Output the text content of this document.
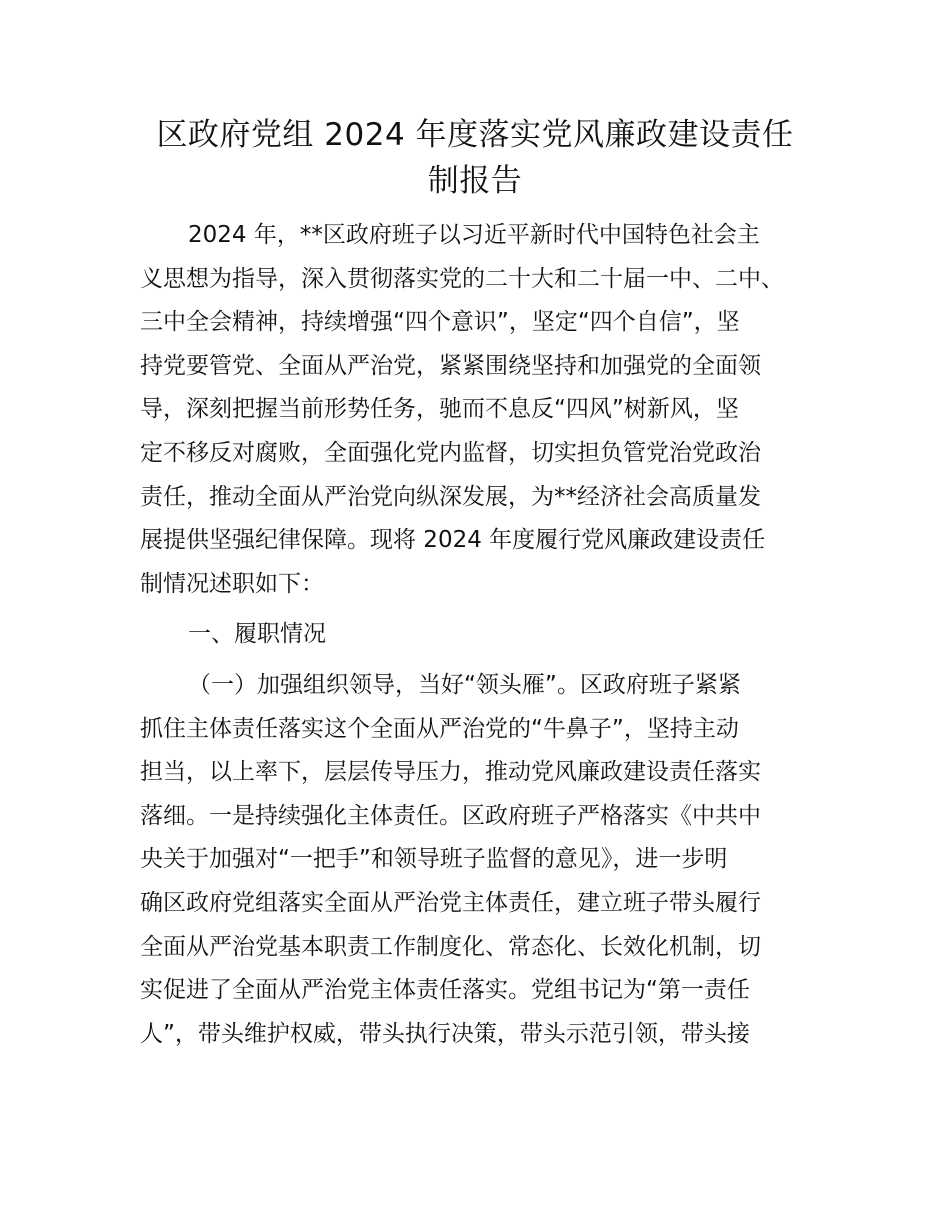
区政府党组 2024 年度落实党风廉政建设责任
制报告
2024 年，**区政府班子以习近平新时代中国特色社会主
义思想为指导，深入贯彻落实党的二十大和二十届一中、二中、
三中全会精神，持续增强“四个意识”，坚定“四个自信”，坚
持党要管党、全面从严治党，紧紧围绕坚持和加强党的全面领
导，深刻把握当前形势任务，驰而不息反“四风”树新风，坚
定不移反对腐败，全面强化党内监督，切实担负管党治党政治
责任，推动全面从严治党向纵深发展，为**经济社会高质量发
展提供坚强纪律保障。现将 2024 年度履行党风廉政建设责任
制情况述职如下：
一、履职情况
（一）加强组织领导，当好“领头雁”。区政府班子紧紧
抓住主体责任落实这个全面从严治党的“牛鼻子”，坚持主动
担当，以上率下，层层传导压力，推动党风廉政建设责任落实
落细。一是持续强化主体责任。区政府班子严格落实《中共中
央关于加强对“一把手”和领导班子监督的意见》，进一步明
确区政府党组落实全面从严治党主体责任，建立班子带头履行
全面从严治党基本职责工作制度化、常态化、长效化机制，切
实促进了全面从严治党主体责任落实。党组书记为“第一责任
人”，带头维护权威，带头执行决策，带头示范引领，带头接
